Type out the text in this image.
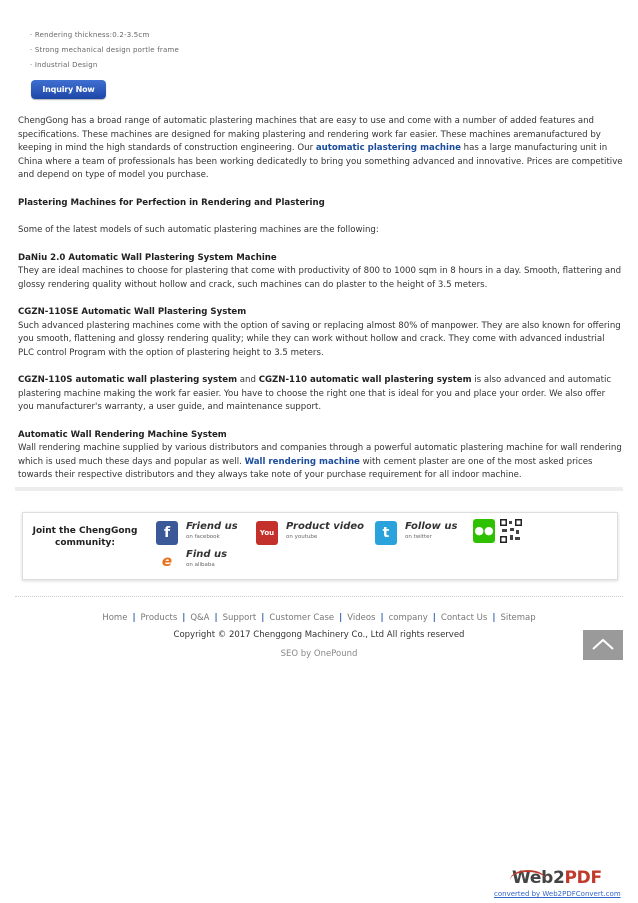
· Rendering thickness:0.2-3.5cm
· Strong mechanical design portle frame
· Industrial Design
Inquiry Now

ChengGong has a broad range of automatic plastering machines that are easy to use and come with a number of added features and specifications. These machines are designed for making plastering and rendering work far easier. These machines aremanufactured by keeping in mind the high standards of construction engineering. Our automatic plastering machine has a large manufacturing unit in China where a team of professionals has been working dedicatedly to bring you something advanced and innovative. Prices are competitive and depend on type of model you purchase.

Plastering Machines for Perfection in Rendering and Plastering

Some of the latest models of such automatic plastering machines are the following:

DaNiu 2.0 Automatic Wall Plastering System Machine

They are ideal machines to choose for plastering that come with productivity of 800 to 1000 sqm in 8 hours in a day. Smooth, flattering and glossy rendering quality without hollow and crack, such machines can do plaster to the height of 3.5 meters.

CGZN-110SE Automatic Wall Plastering System

Such advanced plastering machines come with the option of saving or replacing almost 80% of manpower. They are also known for offering you smooth, flattening and glossy rendering quality; while they can work without hollow and crack. They come with advanced industrial PLC control Program with the option of plastering height to 3.5 meters.

CGZN-110S automatic wall plastering system and CGZN-110 automatic wall plastering system is also advanced and automatic plastering machine making the work far easier. You have to choose the right one that is ideal for you and place your order. We also offer you manufacturer's warranty, a user guide, and maintenance support.

Automatic Wall Rendering Machine System

Wall rendering machine supplied by various distributors and companies through a powerful automatic plastering machine for wall rendering which is used much these days and popular as well. Wall rendering machine with cement plaster are one of the most asked prices towards their respective distributors and they always take note of your purchase requirement for all indoor machine.

Joint the ChengGong community:
f	Friend us
on facebook	You

Product video
on youtube	t	Follow us
on twitter	●●
e	Find us
on alibaba
Home | Products | Q&A | Support | Customer Case | Videos | company | Contact Us | Sitemap
Copyright © 2017 Chenggong Machinery Co., Ltd All rights reserved
SEO by OnePound
Web2PDF
converted by Web2PDFConvert.com
